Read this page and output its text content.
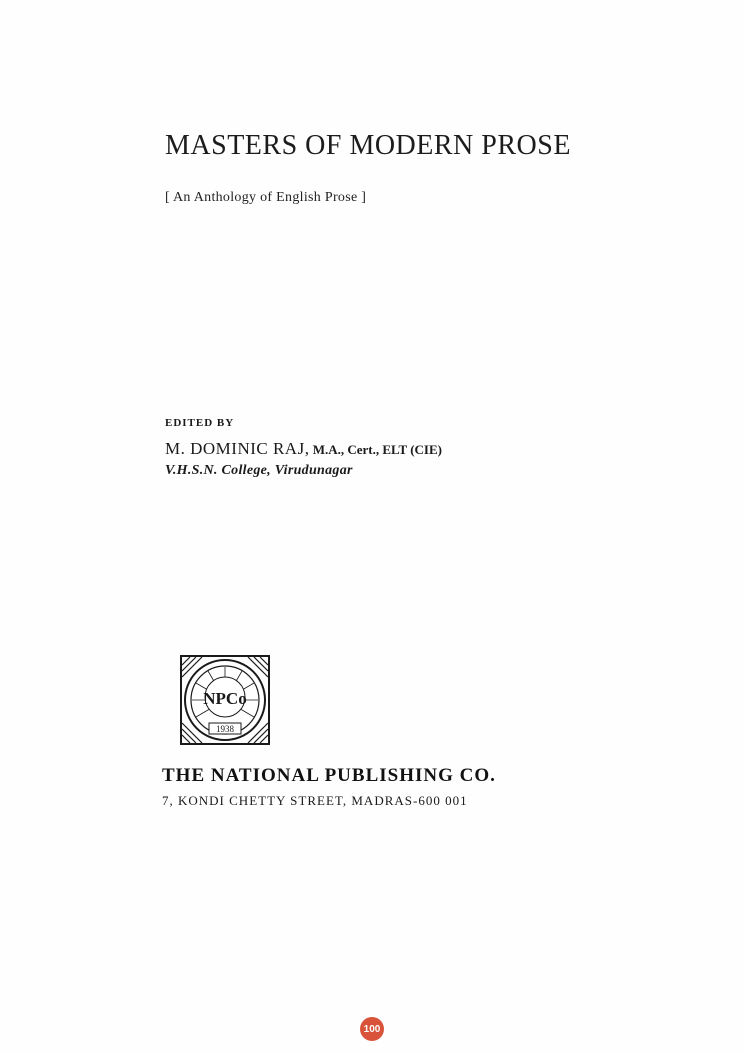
MASTERS OF MODERN PROSE
[ An Anthology of English Prose ]
EDITED BY
M. DOMINIC RAJ, M.A., Cert., ELT (CIE)
V.H.S.N. College, Virudunagar
NPCo
1938
THE NATIONAL PUBLISHING CO.
7, KONDI CHETTY STREET, MADRAS-600 001
100
